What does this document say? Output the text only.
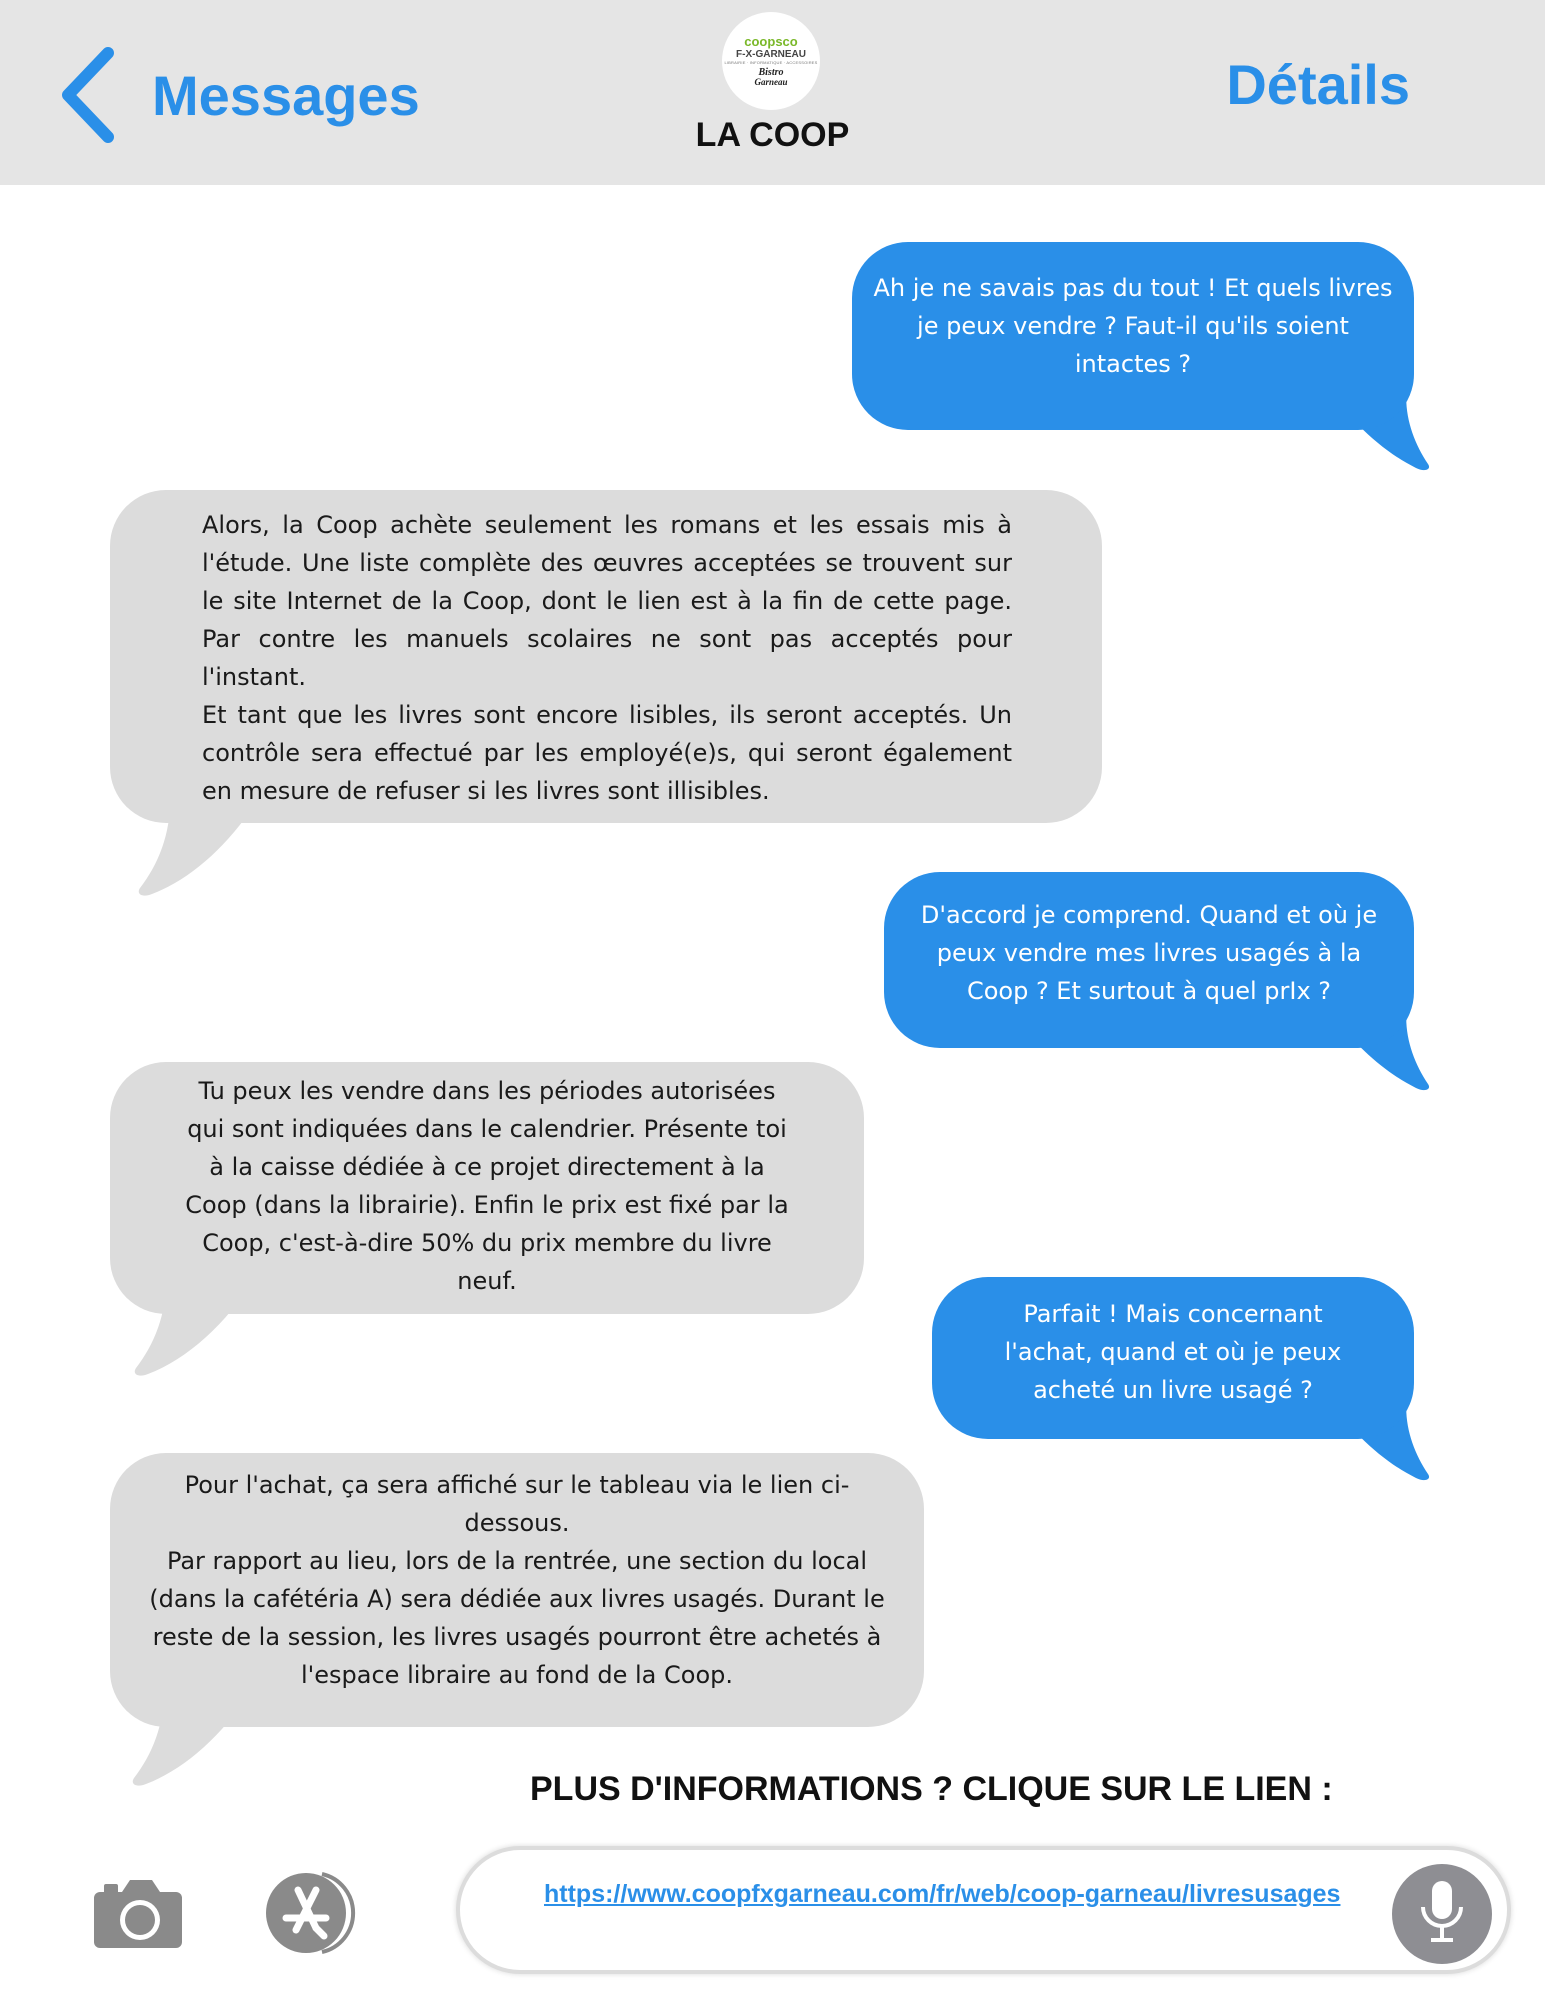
Messages
coopsco
F-X-GARNEAU
LIBRAIRIE · INFORMATIQUE · ACCESSOIRES
Bistro
Garneau
LA COOP
Détails

Ah je ne savais pas du tout ! Et quels livres

je peux vendre ? Faut-il qu'ils soient

intactes ?

Alors, la Coop achète seulement les romans et les essais mis à l'étude. Une liste complète des œuvres acceptées se trouvent sur le site Internet de la Coop, dont le lien est à la fin de cette page. Par contre les manuels scolaires ne sont pas acceptés pour l'instant.

Et tant que les livres sont encore lisibles, ils seront acceptés. Un contrôle sera effectué par les employé(e)s, qui seront également en mesure de refuser si les livres sont illisibles.

D'accord je comprend. Quand et où je

peux vendre mes livres usagés à la

Coop ? Et surtout à quel prIx ?

Tu peux les vendre dans les périodes autorisées

qui sont indiquées dans le calendrier. Présente toi

à la caisse dédiée à ce projet directement à la

Coop (dans la librairie). Enfin le prix est fixé par la

Coop, c'est-à-dire 50% du prix membre du livre

neuf.

Parfait ! Mais concernant

l'achat, quand et où je peux

acheté un livre usagé ?

Pour l'achat, ça sera affiché sur le tableau via le lien ci-

dessous.

Par rapport au lieu, lors de la rentrée, une section du local

(dans la cafétéria A) sera dédiée aux livres usagés. Durant le

reste de la session, les livres usagés pourront être achetés à

l'espace libraire au fond de la Coop.

PLUS D'INFORMATIONS ? CLIQUE SUR LE LIEN :
https://www.coopfxgarneau.com/fr/web/coop-garneau/livresusages
